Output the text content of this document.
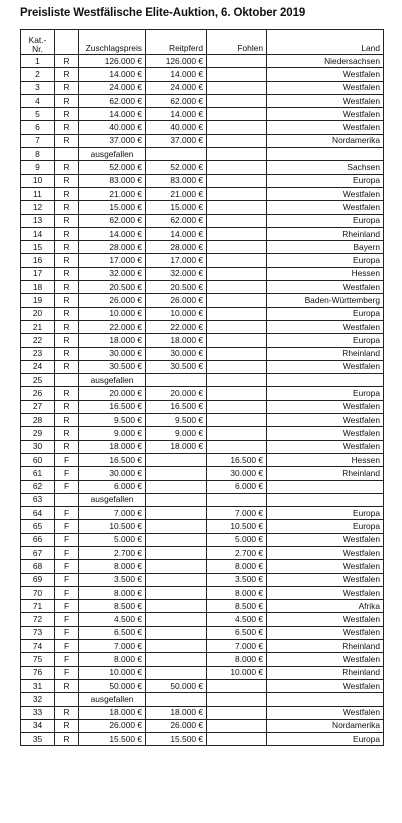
Preisliste Westfälische Elite-Auktion, 6. Oktober 2019
Kat.-
Nr.		Zuschlagspreis	Reitpferd	Fohlen	Land
1	R	126.000 €	126.000 €		Niedersachsen
2	R	14.000 €	14.000 €		Westfalen
3	R	24.000 €	24.000 €		Westfalen
4	R	62.000 €	62.000 €		Westfalen
5	R	14.000 €	14.000 €		Westfalen
6	R	40.000 €	40.000 €		Westfalen
7	R	37.000 €	37.000 €		Nordamerika
8		ausgefallen			
9	R	52.000 €	52.000 €		Sachsen
10	R	83.000 €	83.000 €		Europa
11	R	21.000 €	21.000 €		Westfalen
12	R	15.000 €	15.000 €		Westfalen
13	R	62.000 €	62.000 €		Europa
14	R	14.000 €	14.000 €		Rheinland
15	R	28.000 €	28.000 €		Bayern
16	R	17.000 €	17.000 €		Europa
17	R	32.000 €	32.000 €		Hessen
18	R	20.500 €	20.500 €		Westfalen
19	R	26.000 €	26.000 €		Baden-Württemberg
20	R	10.000 €	10.000 €		Europa
21	R	22.000 €	22.000 €		Westfalen
22	R	18.000 €	18.000 €		Europa
23	R	30.000 €	30.000 €		Rheinland
24	R	30.500 €	30.500 €		Westfalen
25		ausgefallen			
26	R	20.000 €	20.000 €		Europa
27	R	16.500 €	16.500 €		Westfalen
28	R	9.500 €	9.500 €		Westfalen
29	R	9.000 €	9.000 €		Westfalen
30	R	18.000 €	18.000 €		Westfalen
60	F	16.500 €		16.500 €	Hessen
61	F	30.000 €		30.000 €	Rheinland
62	F	6.000 €		6.000 €	
63		ausgefallen			
64	F	7.000 €		7.000 €	Europa
65	F	10.500 €		10.500 €	Europa
66	F	5.000 €		5.000 €	Westfalen
67	F	2.700 €		2.700 €	Westfalen
68	F	8.000 €		8.000 €	Westfalen
69	F	3.500 €		3.500 €	Westfalen
70	F	8.000 €		8.000 €	Westfalen
71	F	8.500 €		8.500 €	Afrika
72	F	4.500 €		4.500 €	Westfalen
73	F	6.500 €		6.500 €	Westfalen
74	F	7.000 €		7.000 €	Rheinland
75	F	8.000 €		8.000 €	Westfalen
76	F	10.000 €		10.000 €	Rheinland
31	R	50.000 €	50.000 €		Westfalen
32		ausgefallen			
33	R	18.000 €	18.000 €		Westfalen
34	R	26.000 €	26.000 €		Nordamerika
35	R	15.500 €	15.500 €		Europa
